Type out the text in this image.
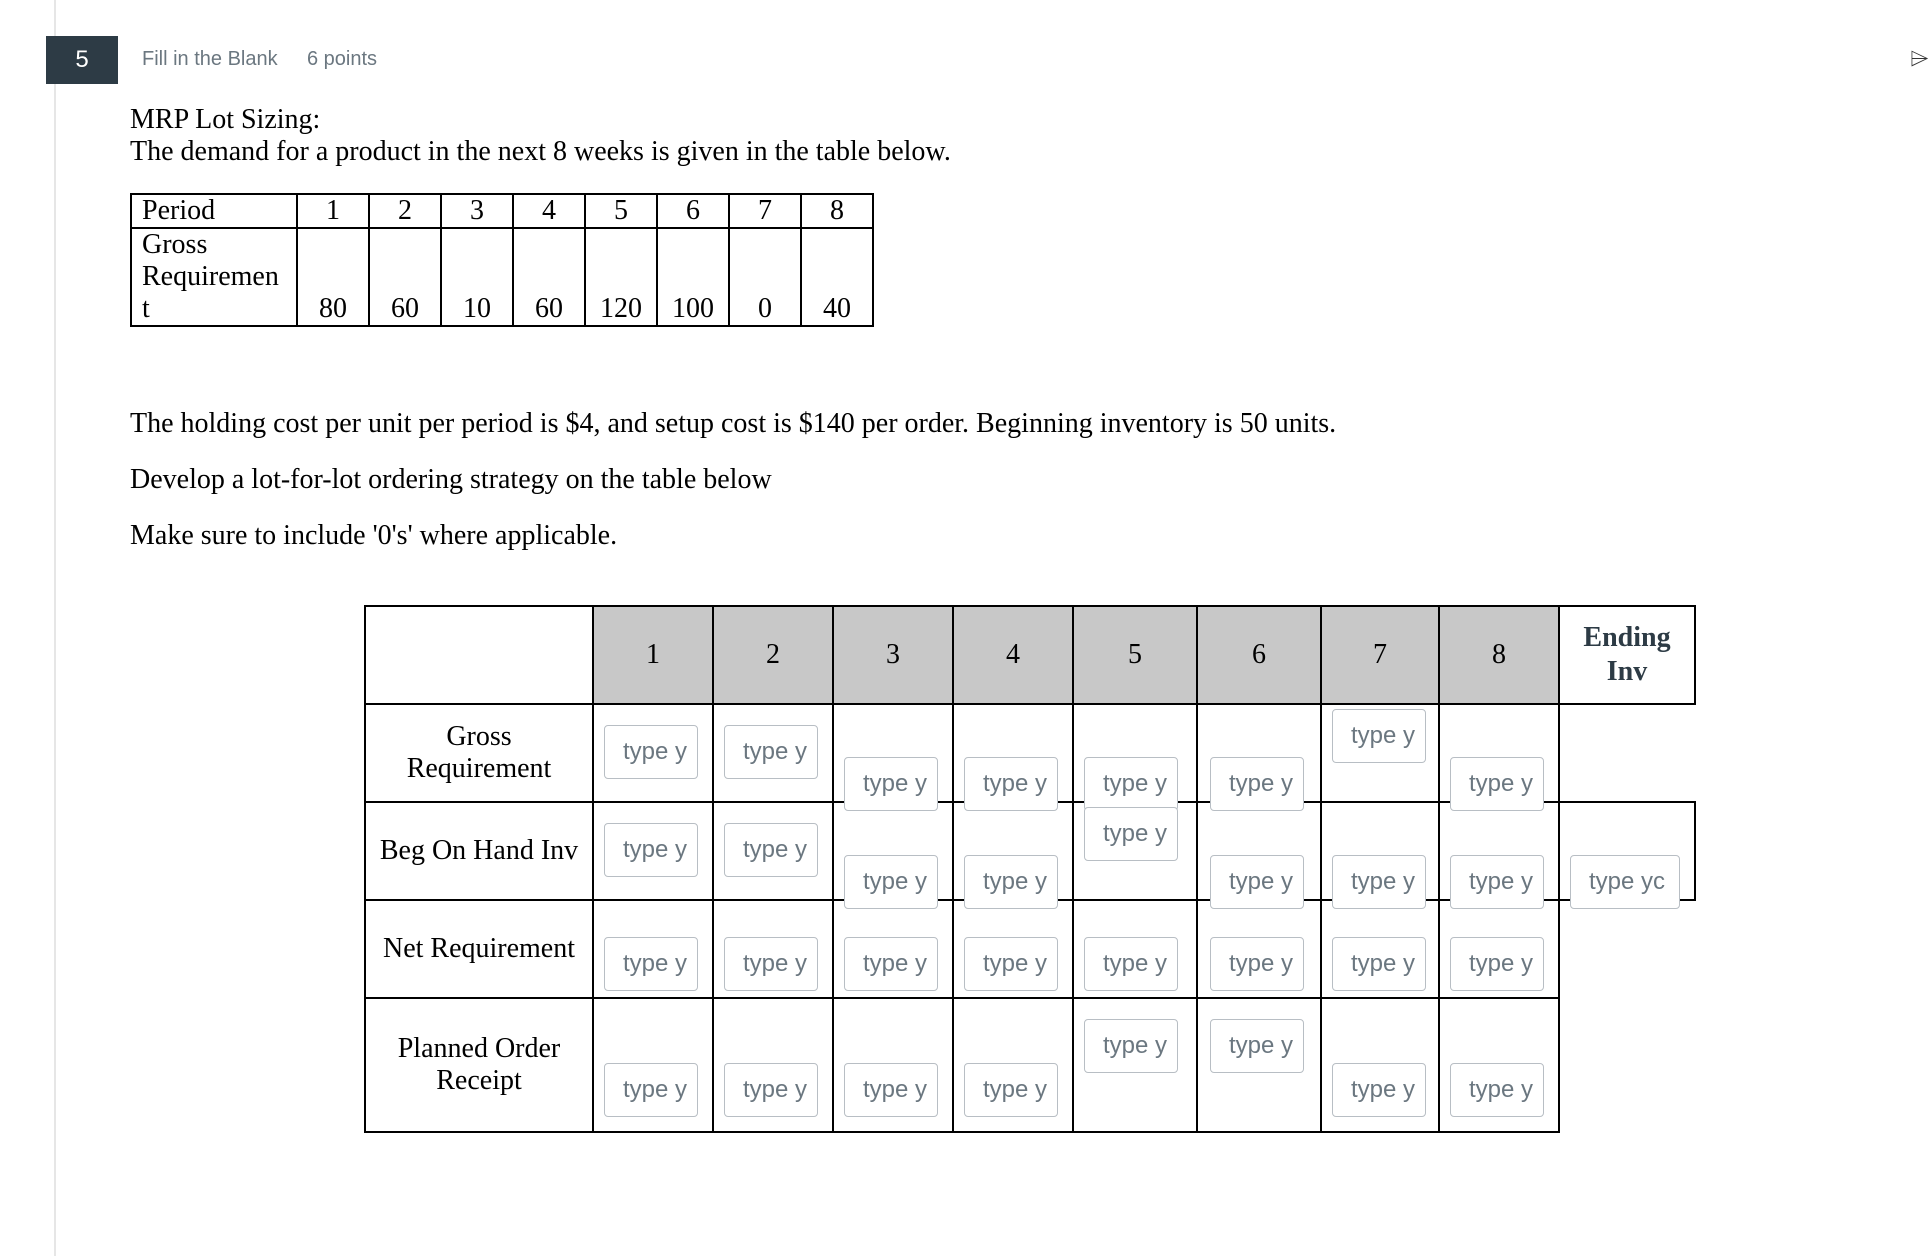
5	Fill in the Blank 6 points	⌲
MRP Lot Sizing:
The demand for a product in the next 8 weeks is given in the table below.
Period	1	2	3	4	5	6	7	8

Gross
Requiremen
t	80	60	10	60	120	100	0	40
The holding cost per unit per period is $4, and setup cost is $140 per order. Beginning inventory is 50 units.
Develop a lot-for-lot ordering strategy on the table below
Make sure to include '0's' where applicable.
	1	2	3	4	5	6	7	8	Ending
Inv

Gross
Requirement	type y	type y	type y	type y	type y	type y	type y	type y	

Beg On Hand Inv	type y	type y	type y	type y	type y	type y	type y	type y	type yc

Net Requirement	type y	type y	type y	type y	type y	type y	type y	type y	

Planned Order
Receipt	type y	type y	type y	type y	type y	type y	type y	type y	
